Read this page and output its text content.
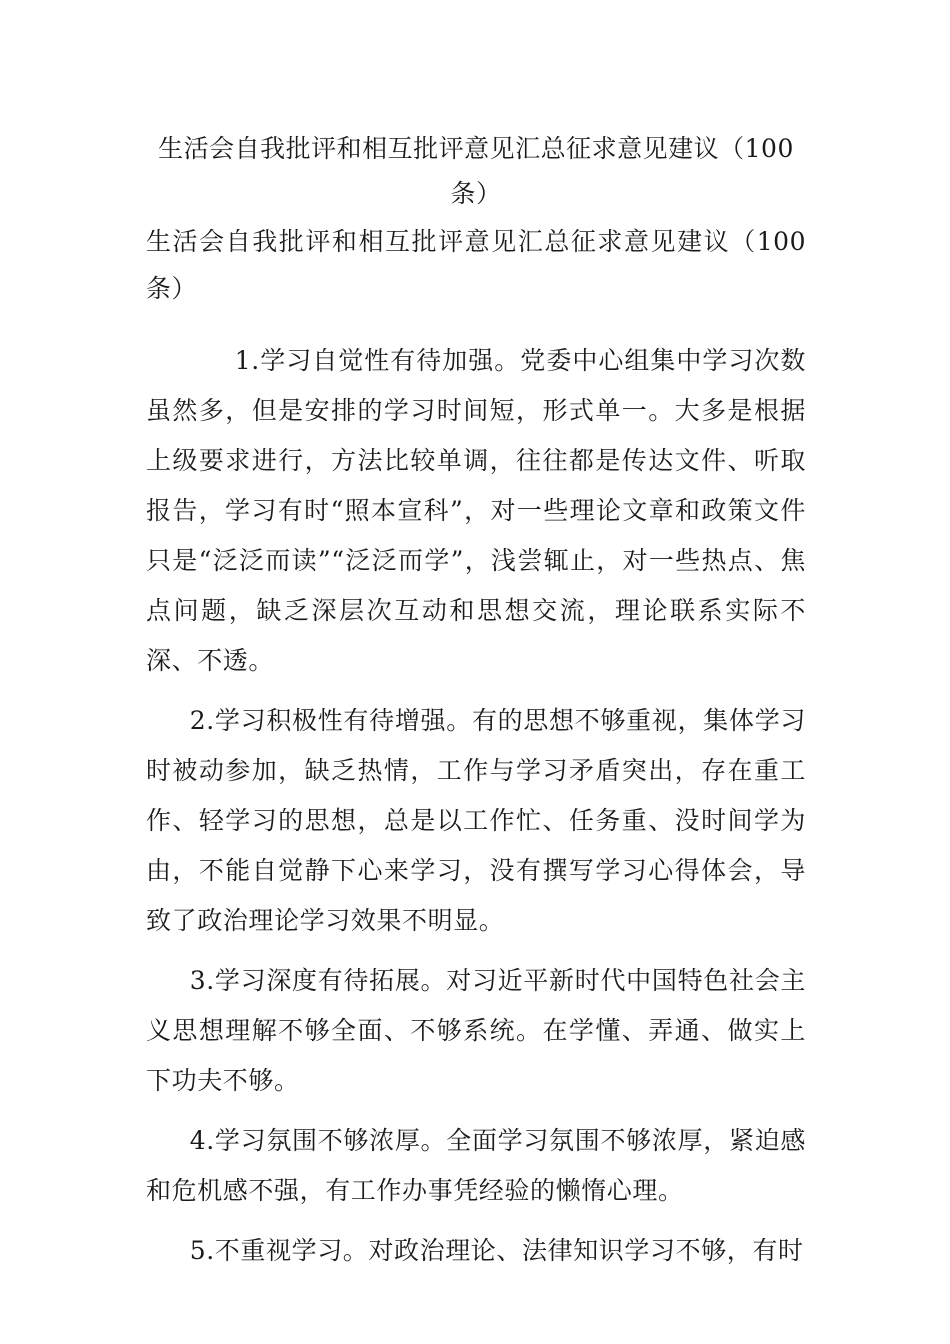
生活会自我批评和相互批评意见汇总征求意见建议（100条）
生活会自我批评和相互批评意见汇总征求意见建议（100条）

1.学习自觉性有待加强。党委中心组集中学习次数虽然多，但是安排的学习时间短，形式单一。大多是根据上级要求进行，方法比较单调，往往都是传达文件、听取报告，学习有时“照本宣科”，对一些理论文章和政策文件只是“泛泛而读”“泛泛而学”，浅尝辄止，对一些热点、焦点问题，缺乏深层次互动和思想交流，理论联系实际不深、不透。

2.学习积极性有待增强。有的思想不够重视，集体学习时被动参加，缺乏热情，工作与学习矛盾突出，存在重工作、轻学习的思想，总是以工作忙、任务重、没时间学为由，不能自觉静下心来学习，没有撰写学习心得体会，导致了政治理论学习效果不明显。

3.学习深度有待拓展。对习近平新时代中国特色社会主义思想理解不够全面、不够系统。在学懂、弄通、做实上下功夫不够。

4.学习氛围不够浓厚。全面学习氛围不够浓厚，紧迫感和危机感不强，有工作办事凭经验的懒惰心理。

5.不重视学习。对政治理论、法律知识学习不够，有时
